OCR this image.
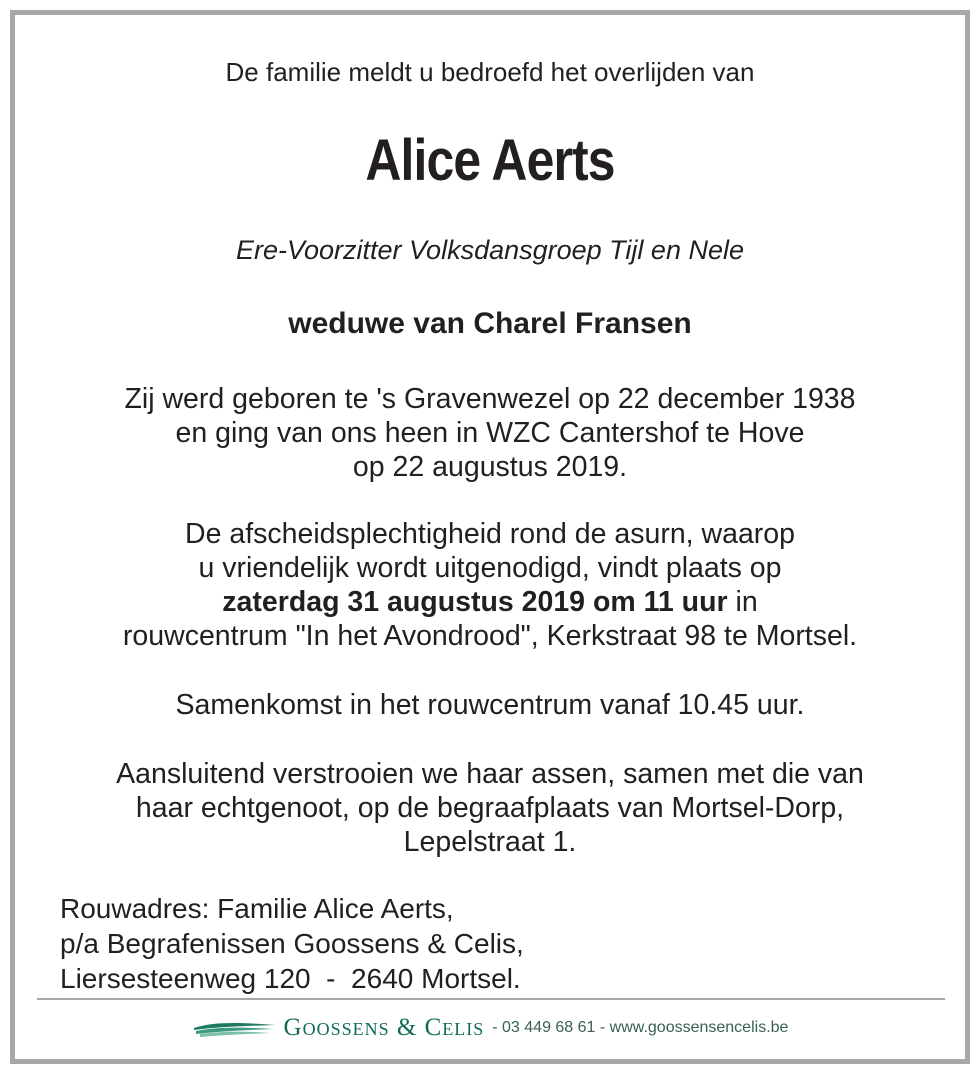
De familie meldt u bedroefd het overlijden van

Alice Aerts

Ere-Voorzitter Volksdansgroep Tijl en Nele

weduwe van Charel Fransen

Zij werd geboren te 's Gravenwezel op 22 december 1938
en ging van ons heen in WZC Cantershof te Hove
op 22 augustus 2019.
De afscheidsplechtigheid rond de asurn, waarop
u vriendelijk wordt uitgenodigd, vindt plaats op
zaterdag 31 augustus 2019 om 11 uur in
rouwcentrum "In het Avondrood", Kerkstraat 98 te Mortsel.

Samenkomst in het rouwcentrum vanaf 10.45 uur.

Aansluitend verstrooien we haar assen, samen met die van
haar echtgenoot, op de begraafplaats van Mortsel-Dorp,
Lepelstraat 1.
Rouwadres: Familie Alice Aerts,
p/a Begrafenissen Goossens & Celis,
Liersesteenweg 120  -  2640 Mortsel.
Goossens & Celis - 03 449 68 61 - www.goossensencelis.be
